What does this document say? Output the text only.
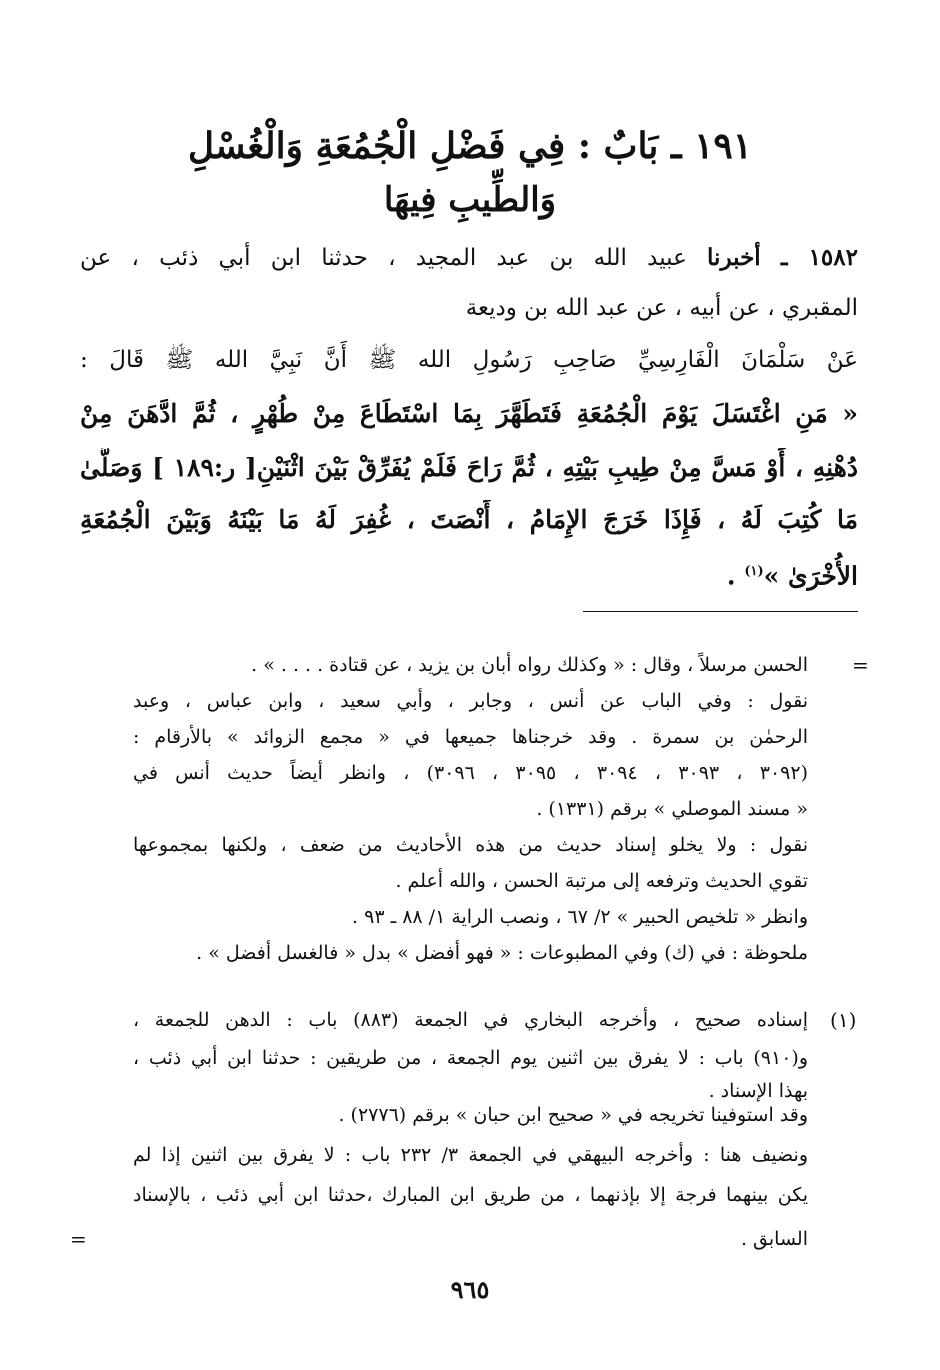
١٩١ ـ بَابٌ : فِي فَضْلِ الْجُمُعَةِ وَالْغُسْلِ
وَالطِّيبِ فِيهَا
١٥٨٢ ـ أخبرنا عبيد الله بن عبد المجيد ، حدثنا ابن أبي ذئب ، عن
المقبري ، عن أبيه ، عن عبد الله بن وديعة
عَنْ سَلْمَانَ الْفَارِسِيِّ صَاحِبِ رَسُولِ الله ﷺ أَنَّ نَبِيَّ الله ﷺ قَالَ :
« مَنِ اغْتَسَلَ يَوْمَ الْجُمُعَةِ فَتَطَهَّرَ بِمَا اسْتَطَاعَ مِنْ طُهْرٍ ، ثُمَّ ادَّهَنَ مِنْ
دُهْنِهِ ، أَوْ مَسَّ مِنْ طِيبِ بَيْتِهِ ، ثُمَّ رَاحَ فَلَمْ يُفَرِّقْ بَيْنَ اثْنَيْنِ[ ر:١٨٩ ] وَصَلَّىٰ
مَا كُتِبَ لَهُ ، فَإِذَا خَرَجَ الإِمَامُ ، أَنْصَتَ ، غُفِرَ لَهُ مَا بَيْنَهُ وَبَيْنَ الْجُمُعَةِ
الأُخْرَىٰ »$^{(١)}$ .
=
(١)
=
الحسن مرسلاً ، وقال : « وكذلك رواه أبان بن يزيد ، عن قتادة . . . . » .
نقول : وفي الباب عن أنس ، وجابر ، وأبي سعيد ، وابن عباس ، وعبد
الرحمٰن بن سمرة . وقد خرجناها جميعها في « مجمع الزوائد » بالأرقام :
(٣٠٩٢ ، ٣٠٩٣ ، ٣٠٩٤ ، ٣٠٩٥ ، ٣٠٩٦) ، وانظر أيضاً حديث أنس في
« مسند الموصلي » برقم (١٣٣١) .
نقول : ولا يخلو إسناد حديث من هذه الأحاديث من ضعف ، ولكنها بمجموعها
تقوي الحديث وترفعه إلى مرتبة الحسن ، والله أعلم .
وانظر « تلخيص الحبير » ٢/ ٦٧ ، ونصب الراية ١/ ٨٨ ـ ٩٣ .
ملحوظة : في (ك) وفي المطبوعات : « فهو أفضل » بدل « فالغسل أفضل » .
إسناده صحيح ، وأخرجه البخاري في الجمعة (٨٨٣) باب : الدهن للجمعة ،
و(٩١٠) باب : لا يفرق بين اثنين يوم الجمعة ، من طريقين : حدثنا ابن أبي ذئب ،
بهذا الإسناد .
وقد استوفينا تخريجه في « صحيح ابن حبان » برقم (٢٧٧٦) .
ونضيف هنا : وأخرجه البيهقي في الجمعة ٣/ ٢٣٢ باب : لا يفرق بين اثنين إذا لم
يكن بينهما فرجة إلا بإذنهما ، من طريق ابن المبارك ،حدثنا ابن أبي ذئب ، بالإسناد
السابق .
٩٦٥
